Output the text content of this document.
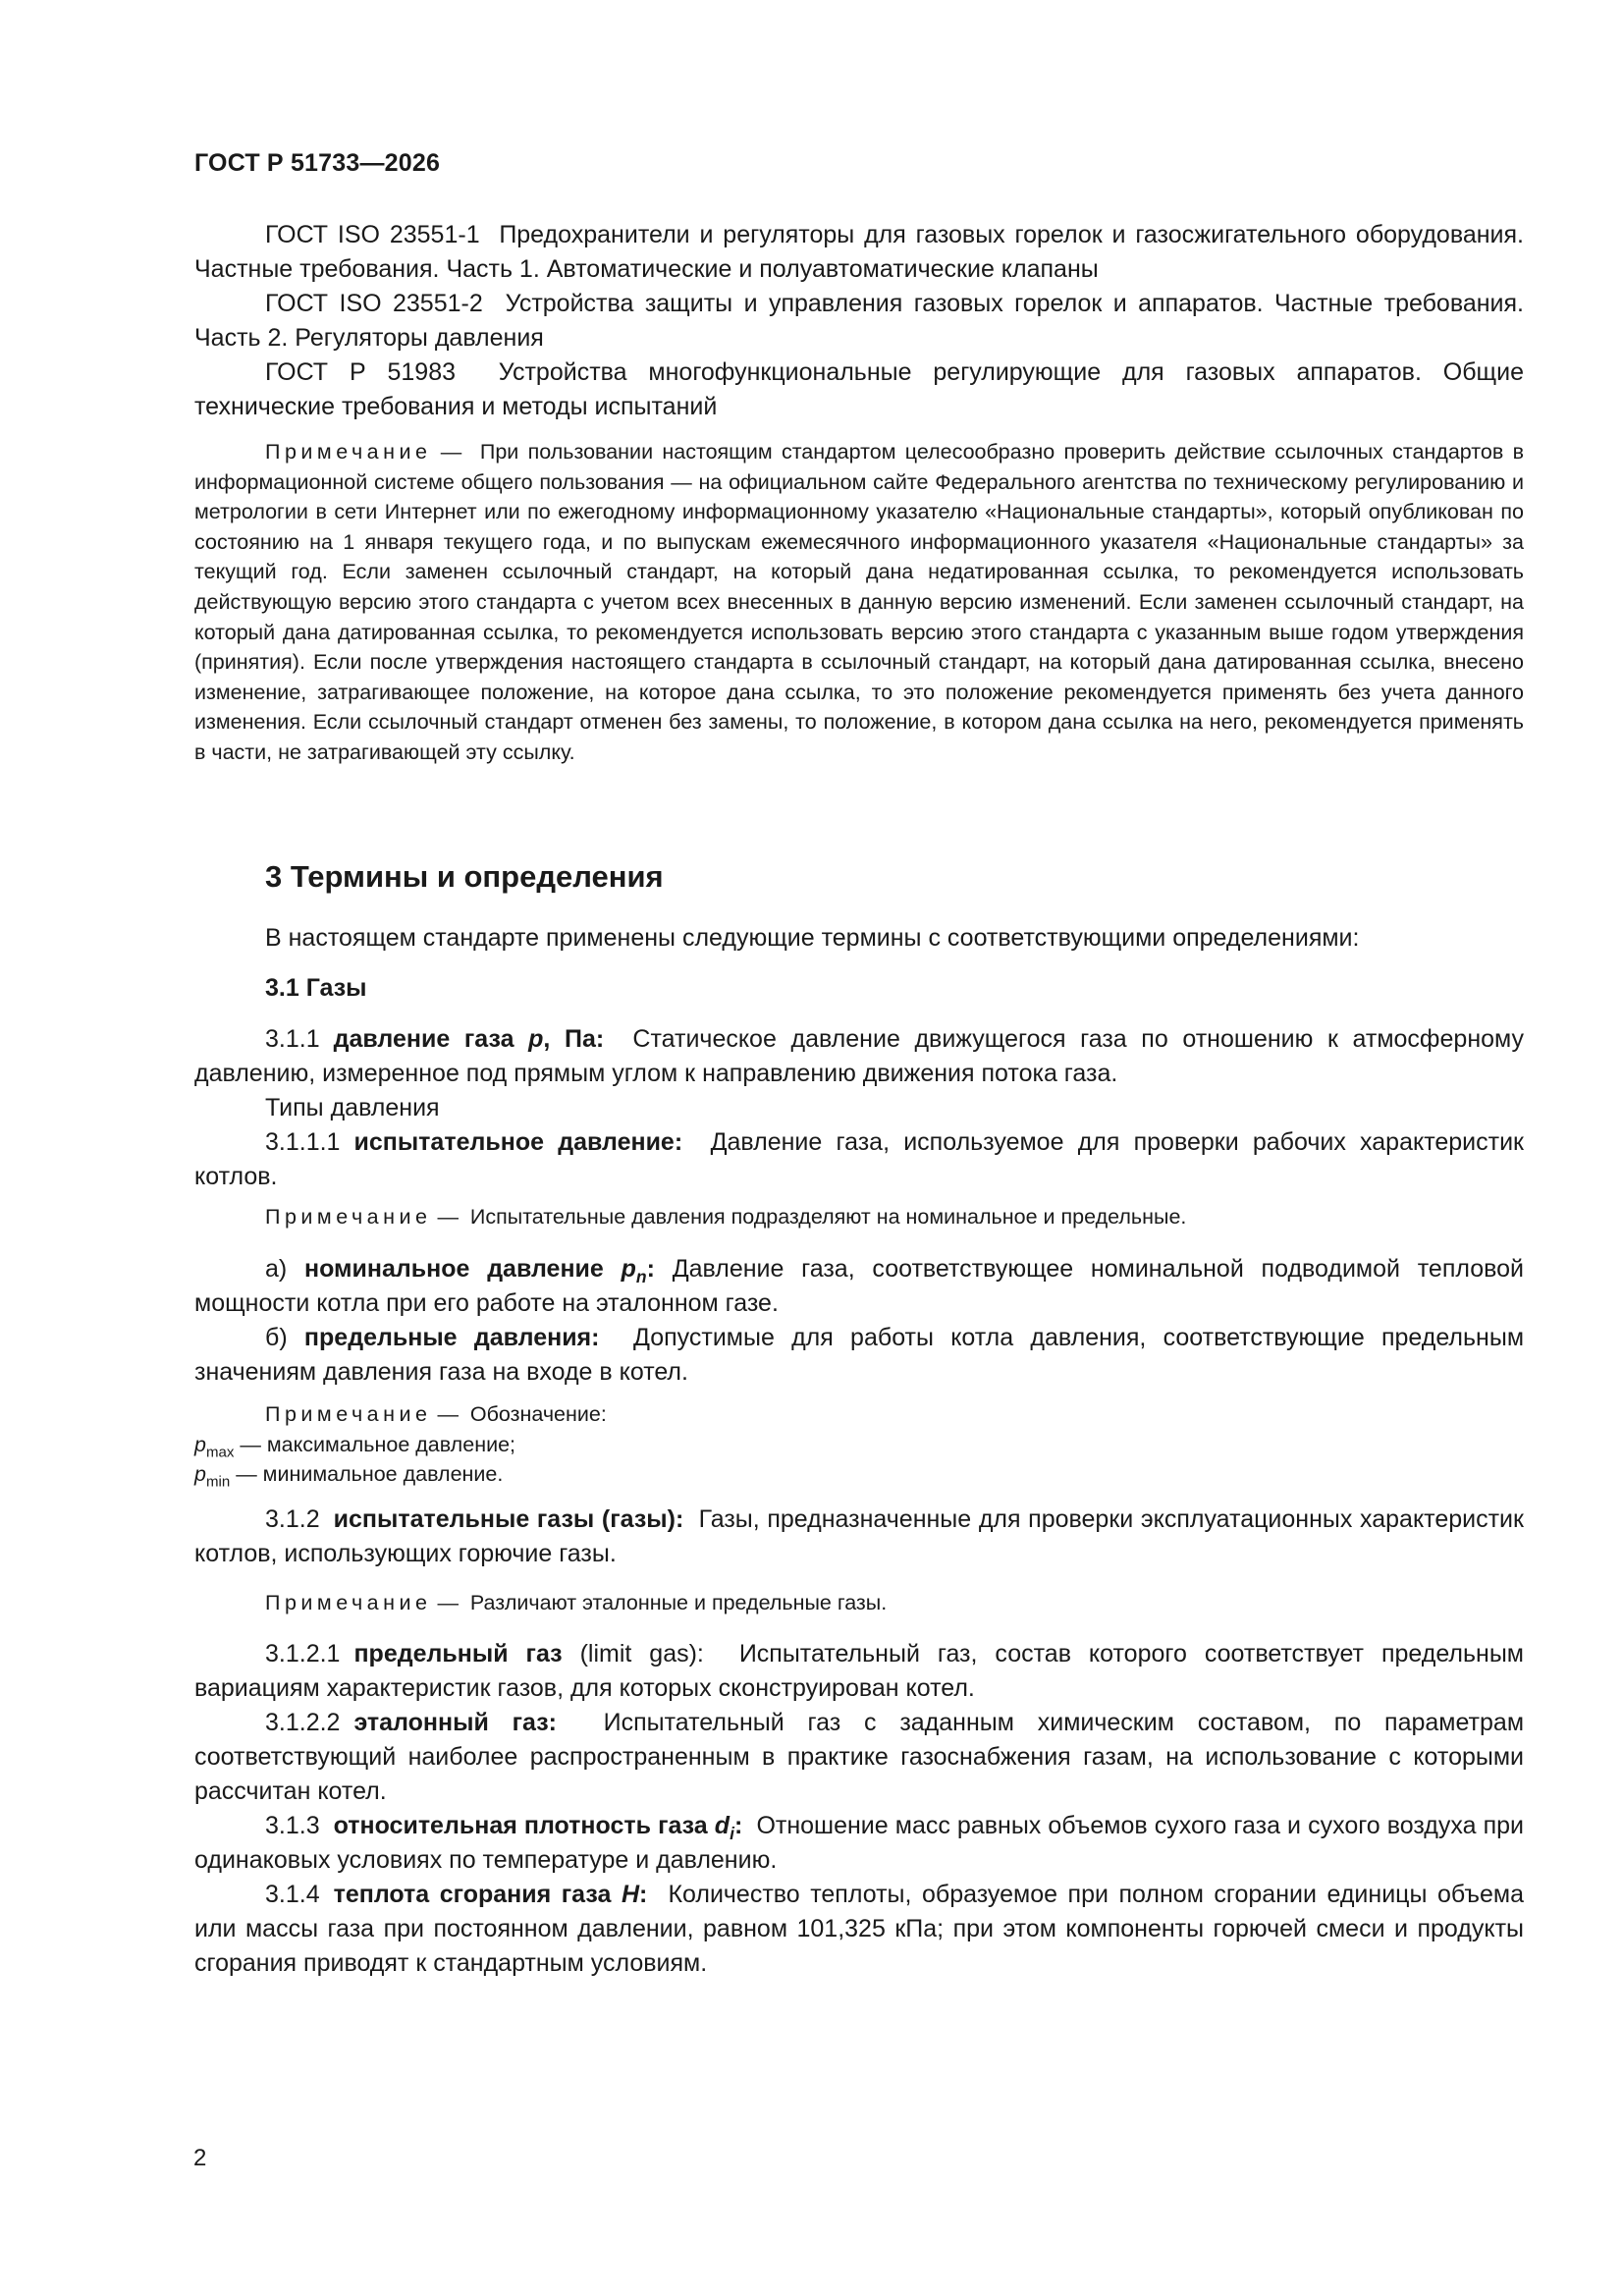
ГОСТ Р 51733—2026

ГОСТ ISO 23551-1 Предохранители и регуляторы для газовых горелок и газосжигательного оборудования. Частные требования. Часть 1. Автоматические и полуавтоматические клапаны

ГОСТ ISO 23551-2 Устройства защиты и управления газовых горелок и аппаратов. Частные требования. Часть 2. Регуляторы давления

ГОСТ Р 51983 Устройства многофункциональные регулирующие для газовых аппаратов. Общие технические требования и методы испытаний

Примечание — При пользовании настоящим стандартом целесообразно проверить действие ссылочных стандартов в информационной системе общего пользования — на официальном сайте Федерального агентства по техническому регулированию и метрологии в сети Интернет или по ежегодному информационному указателю «Национальные стандарты», который опубликован по состоянию на 1 января текущего года, и по выпускам ежемесячного информационного указателя «Национальные стандарты» за текущий год. Если заменен ссылочный стандарт, на который дана недатированная ссылка, то рекомендуется использовать действующую версию этого стандарта с учетом всех внесенных в данную версию изменений. Если заменен ссылочный стандарт, на который дана датированная ссылка, то рекомендуется использовать версию этого стандарта с указанным выше годом утверждения (принятия). Если после утверждения настоящего стандарта в ссылочный стандарт, на который дана датированная ссылка, внесено изменение, затрагивающее положение, на которое дана ссылка, то это положение рекомендуется применять без учета данного изменения. Если ссылочный стандарт отменен без замены, то положение, в котором дана ссылка на него, рекомендуется применять в части, не затрагивающей эту ссылку.

3 Термины и определения

В настоящем стандарте применены следующие термины с соответствующими определениями:

3.1 Газы

3.1.1 давление газа p, Па: Статическое давление движущегося газа по отношению к атмосферному давлению, измеренное под прямым углом к направлению движения потока газа.

Типы давления

3.1.1.1 испытательное давление: Давление газа, используемое для проверки рабочих характеристик котлов.

Примечание — Испытательные давления подразделяют на номинальное и предельные.

а) номинальное давление $p_n$: Давление газа, соответствующее номинальной подводимой тепловой мощности котла при его работе на эталонном газе.

б) предельные давления: Допустимые для работы котла давления, соответствующие предельным значениям давления газа на входе в котел.

Примечание — Обозначение:

$p_{max}$ — максимальное давление;

$p_{min}$ — минимальное давление.

3.1.2 испытательные газы (газы): Газы, предназначенные для проверки эксплуатационных характеристик котлов, использующих горючие газы.

Примечание — Различают эталонные и предельные газы.

3.1.2.1 предельный газ (limit gas): Испытательный газ, состав которого соответствует предельным вариациям характеристик газов, для которых сконструирован котел.

3.1.2.2 эталонный газ: Испытательный газ с заданным химическим составом, по параметрам соответствующий наиболее распространенным в практике газоснабжения газам, на использование с которыми рассчитан котел.

3.1.3 относительная плотность газа $d_i$: Отношение масс равных объемов сухого газа и сухого воздуха при одинаковых условиях по температуре и давлению.

3.1.4 теплота сгорания газа H: Количество теплоты, образуемое при полном сгорании единицы объема или массы газа при постоянном давлении, равном 101,325 кПа; при этом компоненты горючей смеси и продукты сгорания приводят к стандартным условиям.

2
